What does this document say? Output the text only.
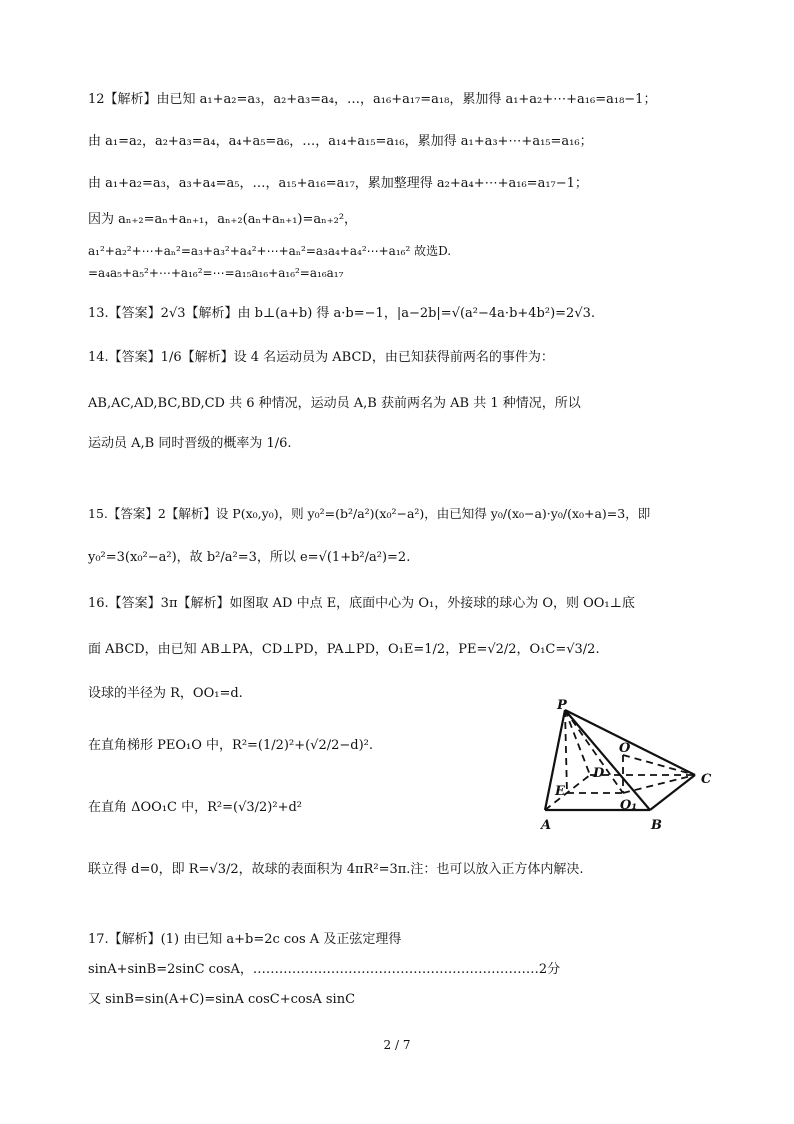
12【解析】由已知 a₁+a₂=a₃，a₂+a₃=a₄，…，a₁₆+a₁₇=a₁₈，累加得 a₁+a₂+⋯+a₁₆=a₁₈−1；
由 a₁=a₂，a₂+a₃=a₄，a₄+a₅=a₆，…，a₁₄+a₁₅=a₁₆，累加得 a₁+a₃+⋯+a₁₅=a₁₆；
由 a₁+a₂=a₃，a₃+a₄=a₅，…，a₁₅+a₁₆=a₁₇，累加整理得 a₂+a₄+⋯+a₁₆=a₁₇−1；
因为 aₙ₊₂=aₙ+aₙ₊₁，aₙ₊₂(aₙ+aₙ₊₁)=aₙ₊₂²，
a₁²+a₂²+⋯+aₙ²=a₃+a₃²+a₄²+⋯+aₙ²=a₃a₄+a₄²⋯+a₁₆² 故选D.
=a₄a₅+a₅²+⋯+a₁₆²=⋯=a₁₅a₁₆+a₁₆²=a₁₆a₁₇
13.【答案】2√3【解析】由 b⊥(a+b) 得 a·b=−1，|a−2b|=√(a²−4a·b+4b²)=2√3.
14.【答案】1/6【解析】设 4 名运动员为 ABCD，由已知获得前两名的事件为：
AB,AC,AD,BC,BD,CD 共 6 种情况，运动员 A,B 获前两名为 AB 共 1 种情况，所以
运动员 A,B 同时晋级的概率为 1/6.
15.【答案】2【解析】设 P(x₀,y₀)，则 y₀²=(b²/a²)(x₀²−a²)，由已知得 y₀/(x₀−a)·y₀/(x₀+a)=3，即
y₀²=3(x₀²−a²)，故 b²/a²=3，所以 e=√(1+b²/a²)=2.
16.【答案】3π【解析】如图取 AD 中点 E，底面中心为 O₁，外接球的球心为 O，则 OO₁⊥底
面 ABCD，由已知 AB⊥PA，CD⊥PD，PA⊥PD，O₁E=1/2，PE=√2/2，O₁C=√3/2.
设球的半径为 R，OO₁=d.
在直角梯形 PEO₁O 中，R²=(1/2)²+(√2/2−d)².
在直角 ΔOO₁C 中，R²=(√3/2)²+d²
联立得 d=0，即 R=√3/2，故球的表面积为 4πR²=3π.注：也可以放入正方体内解决.
17.【解析】(1) 由已知 a+b=2c cos A 及正弦定理得
sinA+sinB=2sinC cosA，…………………………………………………………2分
又 sinB=sin(A+C)=sinA cosC+cosA sinC
P
O
D
E
O₁
A	B
C
2 / 7
